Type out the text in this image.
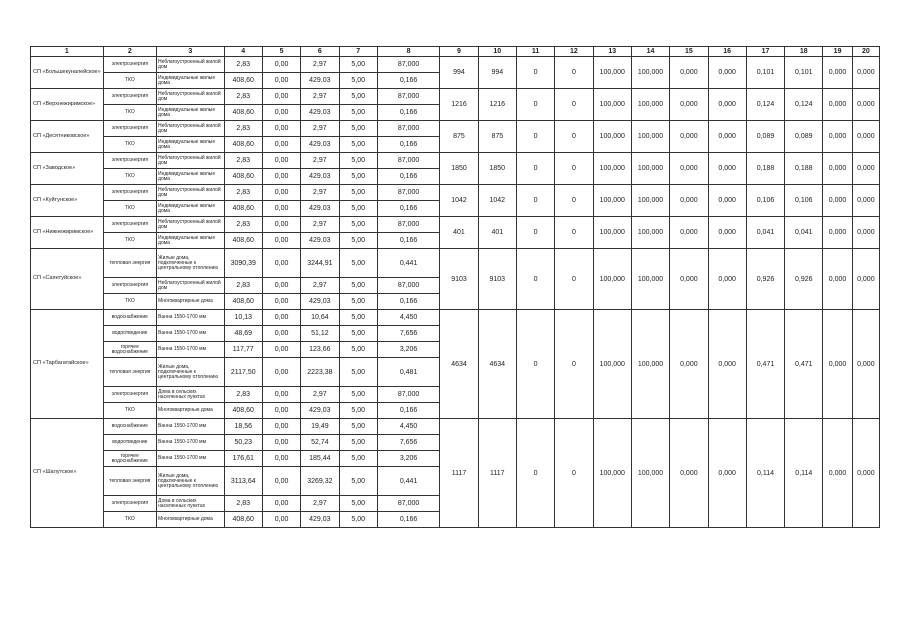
1	2	3	4	5	6	7	8	9	10	11	12	13	14	15	16	17	18	19	20
СП «Большекуналейское»	электроэнергия	Неблагоустроенный жилой дом	2,83	0,00	2,97	5,00	87,000	994	994	0	0	100,000	100,000	0,000	0,000	0,101	0,101	0,000	0,000
	ТКО	Индивидуальные жилые дома	408,60	0,00	429,03	5,00	0,166												
СП «Верхнежиримское»	электроэнергия	Неблагоустроенный жилой дом	2,83	0,00	2,97	5,00	87,000	1216	1216	0	0	100,000	100,000	0,000	0,000	0,124	0,124	0,000	0,000
	ТКО	Индивидуальные жилые дома	408,60	0,00	429,03	5,00	0,166												
СП «Десятниковское»	электроэнергия	Неблагоустроенный жилой дом	2,83	0,00	2,97	5,00	87,000	875	875	0	0	100,000	100,000	0,000	0,000	0,089	0,089	0,000	0,000
	ТКО	Индивидуальные жилые дома	408,60	0,00	429,03	5,00	0,166												
СП «Заводское»	электроэнергия	Неблагоустроенный жилой дом	2,83	0,00	2,97	5,00	87,000	1850	1850	0	0	100,000	100,000	0,000	0,000	0,188	0,188	0,000	0,000
	ТКО	Индивидуальные жилые дома	408,60	0,00	429,03	5,00	0,166												
СП «Куйтунское»	электроэнергия	Неблагоустроенный жилой дом	2,83	0,00	2,97	5,00	87,000	1042	1042	0	0	100,000	100,000	0,000	0,000	0,106	0,106	0,000	0,000
	ТКО	Индивидуальные жилые дома	408,60	0,00	429,03	5,00	0,166												
СП «Нижнежиримское»	электроэнергия	Неблагоустроенный жилой дом	2,83	0,00	2,97	5,00	87,000	401	401	0	0	100,000	100,000	0,000	0,000	0,041	0,041	0,000	0,000
	ТКО	Индивидуальные жилые дома	408,60	0,00	429,03	5,00	0,166												
СП «Саянтуйское»	тепловая энергия	Жилые дома, подключенные к центральному отоплению	3090,39	0,00	3244,91	5,00	0,441	9103	9103	0	0	100,000	100,000	0,000	0,000	0,926	0,926	0,000	0,000
	электроэнергия	Неблагоустроенный жилой дом	2,83	0,00	2,97	5,00	87,000												
	ТКО	Многоквартирные дома	408,60	0,00	429,03	5,00	0,166												
СП «Тарбагатайское»	водоснабжение	Ванна 1550-1700 мм	10,13	0,00	10,64	5,00	4,450	4634	4634	0	0	100,000	100,000	0,000	0,000	0,471	0,471	0,000	0,000
	водоотведение	Ванна 1550-1700 мм	48,69	0,00	51,12	5,00	7,656												
	горячее водоснабжение	Ванна 1550-1700 мм	117,77	0,00	123,66	5,00	3,206												
	тепловая энергия	Жилые дома, подключенные к центральному отоплению	2117,50	0,00	2223,38	5,00	0,481												
	электроэнергия	Дома в сельских населенных пунктах	2,83	0,00	2,97	5,00	87,000												
	ТКО	Многоквартирные дома	408,60	0,00	429,03	5,00	0,166												
СП «Шалутское»	водоснабжение	Ванна 1550-1700 мм	18,56	0,00	19,49	5,00	4,450	1117	1117	0	0	100,000	100,000	0,000	0,000	0,114	0,114	0,000	0,000
	водоотведение	Ванна 1550-1700 мм	50,23	0,00	52,74	5,00	7,656												
	горячее водоснабжение	Ванна 1550-1700 мм	176,61	0,00	185,44	5,00	3,206												
	тепловая энергия	Жилые дома, подключенные к центральному отоплению	3113,64	0,00	3269,32	5,00	0,441												
	электроэнергия	Дома в сельских населенных пунктах	2,83	0,00	2,97	5,00	87,000												
	ТКО	Многоквартирные дома	408,60	0,00	429,03	5,00	0,166												
